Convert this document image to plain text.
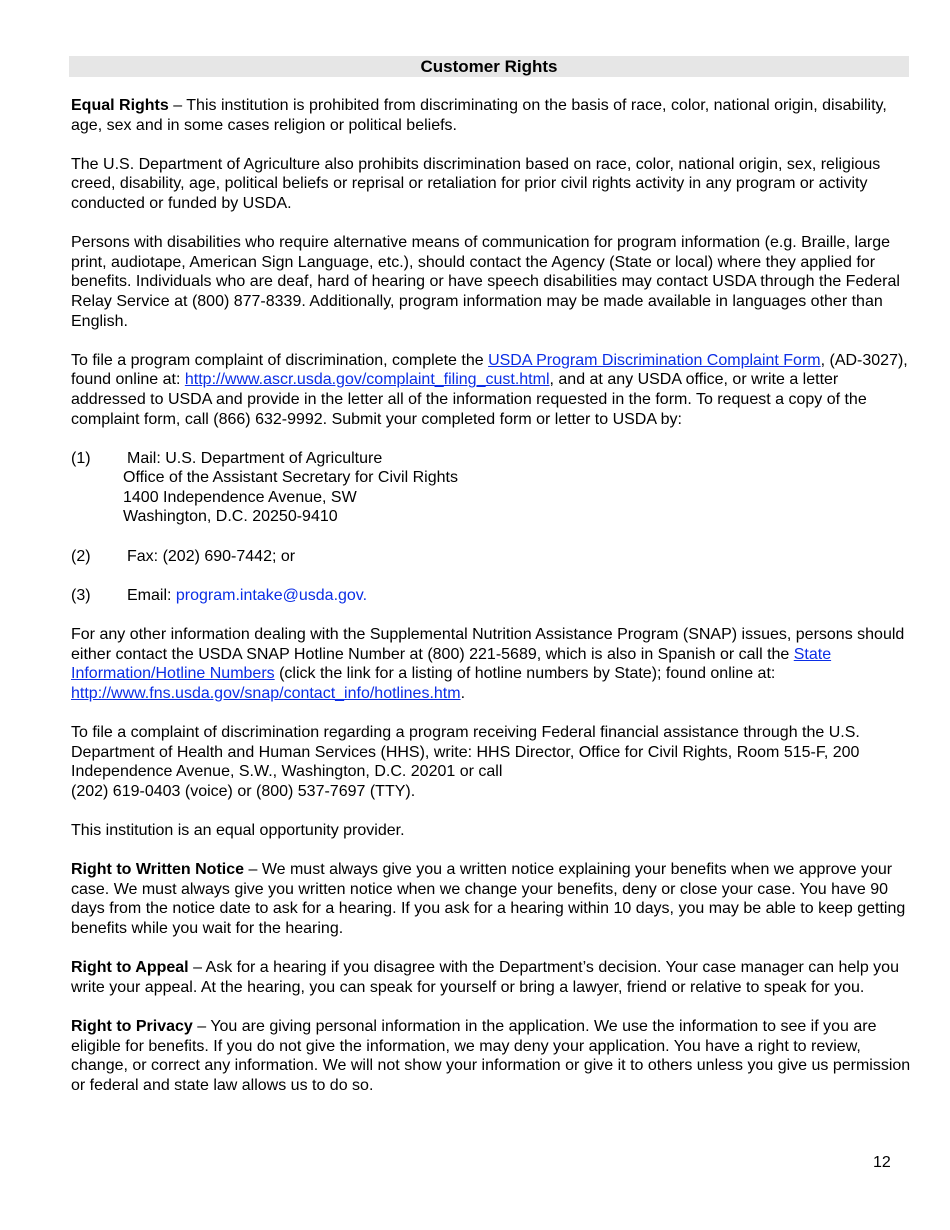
Customer Rights

Equal Rights – This institution is prohibited from discriminating on the basis of race, color, national origin, disability, age, sex and in some cases religion or political beliefs.

The U.S. Department of Agriculture also prohibits discrimination based on race, color, national origin, sex, religious creed, disability, age, political beliefs or reprisal or retaliation for prior civil rights activity in any program or activity conducted or funded by USDA.

Persons with disabilities who require alternative means of communication for program information (e.g. Braille, large print, audiotape, American Sign Language, etc.), should contact the Agency (State or local) where they applied for benefits. Individuals who are deaf, hard of hearing or have speech disabilities may contact USDA through the Federal Relay Service at (800) 877-8339. Additionally, program information may be made available in languages other than English.

To file a program complaint of discrimination, complete the USDA Program Discrimination Complaint Form, (AD-3027), found online at: http://www.ascr.usda.gov/complaint_filing_cust.html, and at any USDA office, or write a letter addressed to USDA and provide in the letter all of the information requested in the form. To request a copy of the complaint form, call (866) 632-9992. Submit your completed form or letter to USDA by:

(1) Mail: U.S. Department of Agriculture
Office of the Assistant Secretary for Civil Rights
1400 Independence Avenue, SW
Washington, D.C. 20250-9410
(2) Fax: (202) 690-7442; or
(3) Email: program.intake@usda.gov.

For any other information dealing with the Supplemental Nutrition Assistance Program (SNAP) issues, persons should either contact the USDA SNAP Hotline Number at (800) 221-5689, which is also in Spanish or call the State Information/Hotline Numbers (click the link for a listing of hotline numbers by State); found online at: http://www.fns.usda.gov/snap/contact_info/hotlines.htm.

To file a complaint of discrimination regarding a program receiving Federal financial assistance through the U.S. Department of Health and Human Services (HHS), write: HHS Director, Office for Civil Rights, Room 515-F, 200 Independence Avenue, S.W., Washington, D.C. 20201 or call
(202) 619-0403 (voice) or (800) 537-7697 (TTY).

This institution is an equal opportunity provider.

Right to Written Notice – We must always give you a written notice explaining your benefits when we approve your case. We must always give you written notice when we change your benefits, deny or close your case. You have 90 days from the notice date to ask for a hearing. If you ask for a hearing within 10 days, you may be able to keep getting benefits while you wait for the hearing.

Right to Appeal – Ask for a hearing if you disagree with the Department’s decision. Your case manager can help you write your appeal. At the hearing, you can speak for yourself or bring a lawyer, friend or relative to speak for you.

Right to Privacy – You are giving personal information in the application. We use the information to see if you are eligible for benefits. If you do not give the information, we may deny your application. You have a right to review, change, or correct any information. We will not show your information or give it to others unless you give us permission or federal and state law allows us to do so.

12
